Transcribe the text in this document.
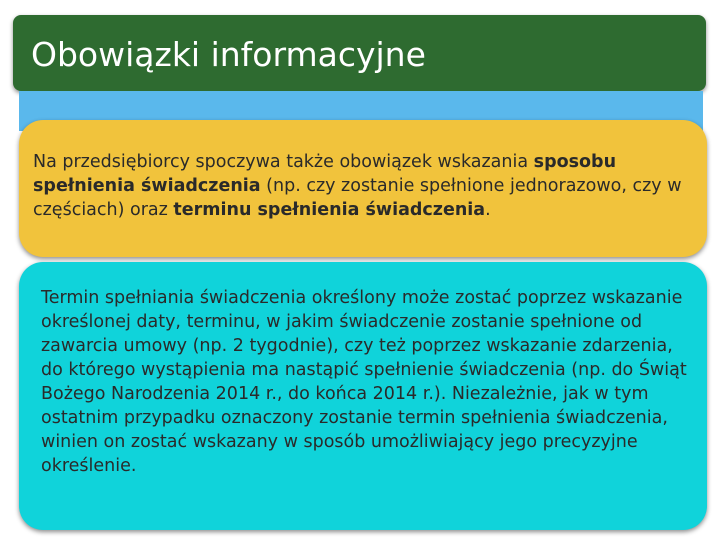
Obowiązki informacyjne
Na przedsiębiorcy spoczywa także obowiązek wskazania sposobu spełnienia świadczenia (np. czy zostanie spełnione jednorazowo, czy w częściach) oraz terminu spełnienia świadczenia.
Termin spełniania świadczenia określony może zostać poprzez wskazanie określonej daty, terminu, w jakim świadczenie zostanie spełnione od zawarcia umowy (np. 2 tygodnie), czy też poprzez wskazanie zdarzenia, do którego wystąpienia ma nastąpić spełnienie świadczenia (np. do Świąt Bożego Narodzenia 2014 r., do końca 2014 r.). Niezależnie, jak w tym ostatnim przypadku oznaczony zostanie termin spełnienia świadczenia, winien on zostać wskazany w sposób umożliwiający jego precyzyjne określenie.
